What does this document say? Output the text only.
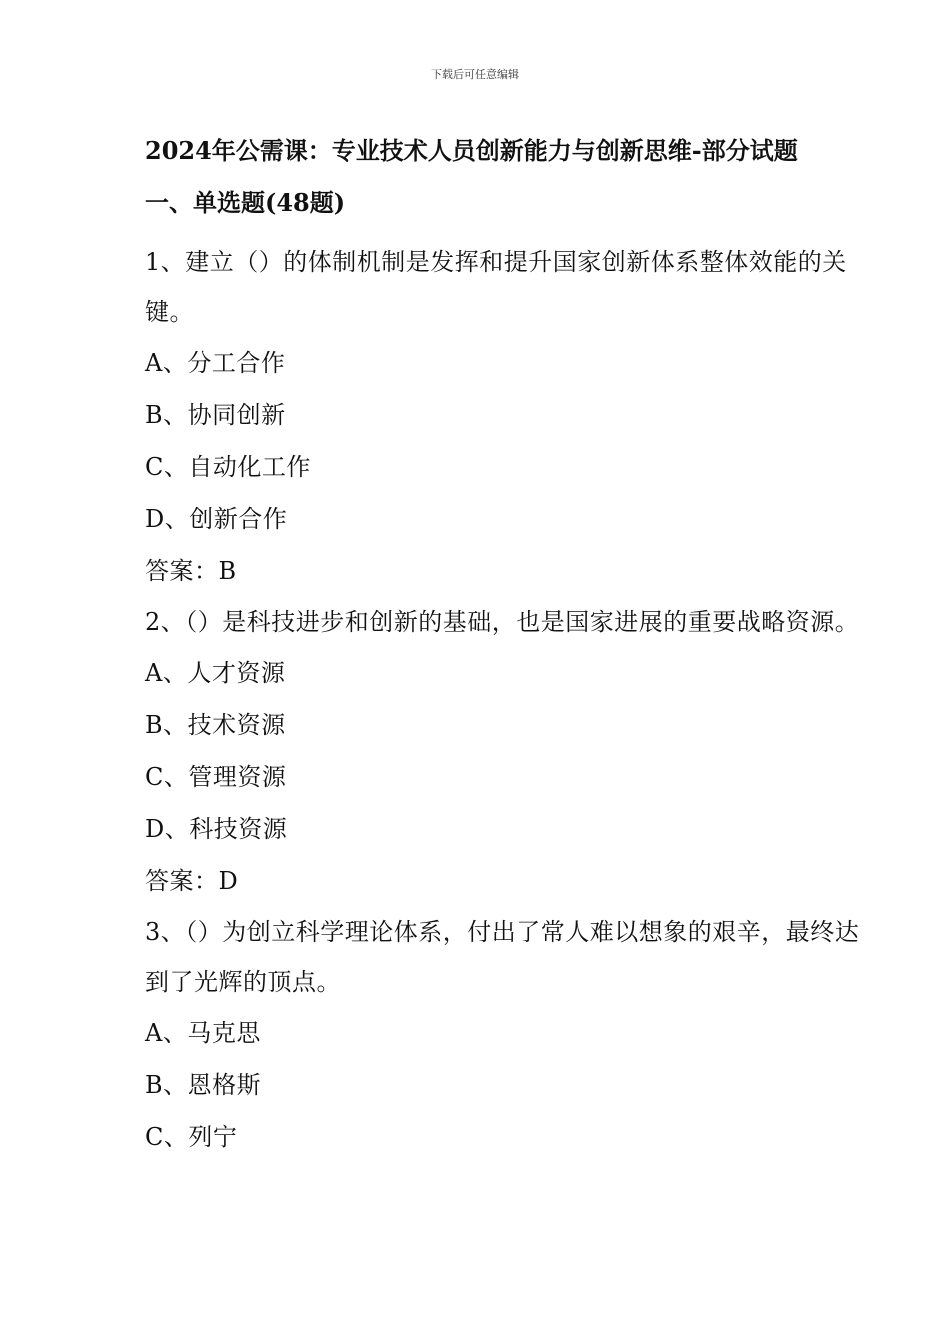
下载后可任意编辑
2024年公需课：专业技术人员创新能力与创新思维-部分试题
一、单选题(48题)

1、建立（）的体制机制是发挥和提升国家创新体系整体效能的关键。

A、分工合作

B、协同创新

C、自动化工作

D、创新合作

答案：B

2、（）是科技进步和创新的基础，也是国家进展的重要战略资源。

A、人才资源

B、技术资源

C、管理资源

D、科技资源

答案：D

3、（）为创立科学理论体系，付出了常人难以想象的艰辛，最终达到了光辉的顶点。

A、马克思

B、恩格斯

C、列宁
